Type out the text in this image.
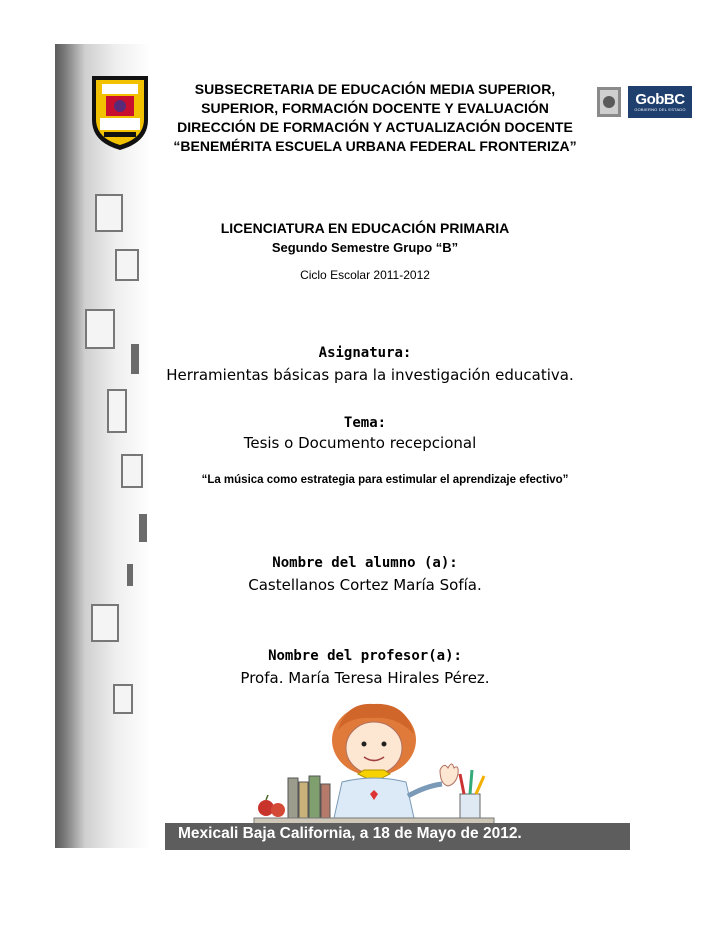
SUBSECRETARIA DE EDUCACIÓN MEDIA SUPERIOR,
SUPERIOR, FORMACIÓN DOCENTE Y EVALUACIÓN
DIRECCIÓN DE FORMACIÓN Y ACTUALIZACIÓN DOCENTE
“BENEMÉRITA ESCUELA URBANA FEDERAL FRONTERIZA”
GobBC
GOBIERNO DEL ESTADO
LICENCIATURA EN EDUCACIÓN PRIMARIA
Segundo Semestre Grupo “B”
Ciclo Escolar 2011-2012
Asignatura:
Herramientas básicas para la investigación educativa.
Tema:
Tesis o Documento recepcional
“La música como estrategia para estimular el aprendizaje efectivo”
Nombre del alumno (a):
Castellanos Cortez María Sofía.
Nombre del profesor(a):
Profa. María Teresa Hirales Pérez.
Mexicali Baja California, a 18 de Mayo de 2012.
